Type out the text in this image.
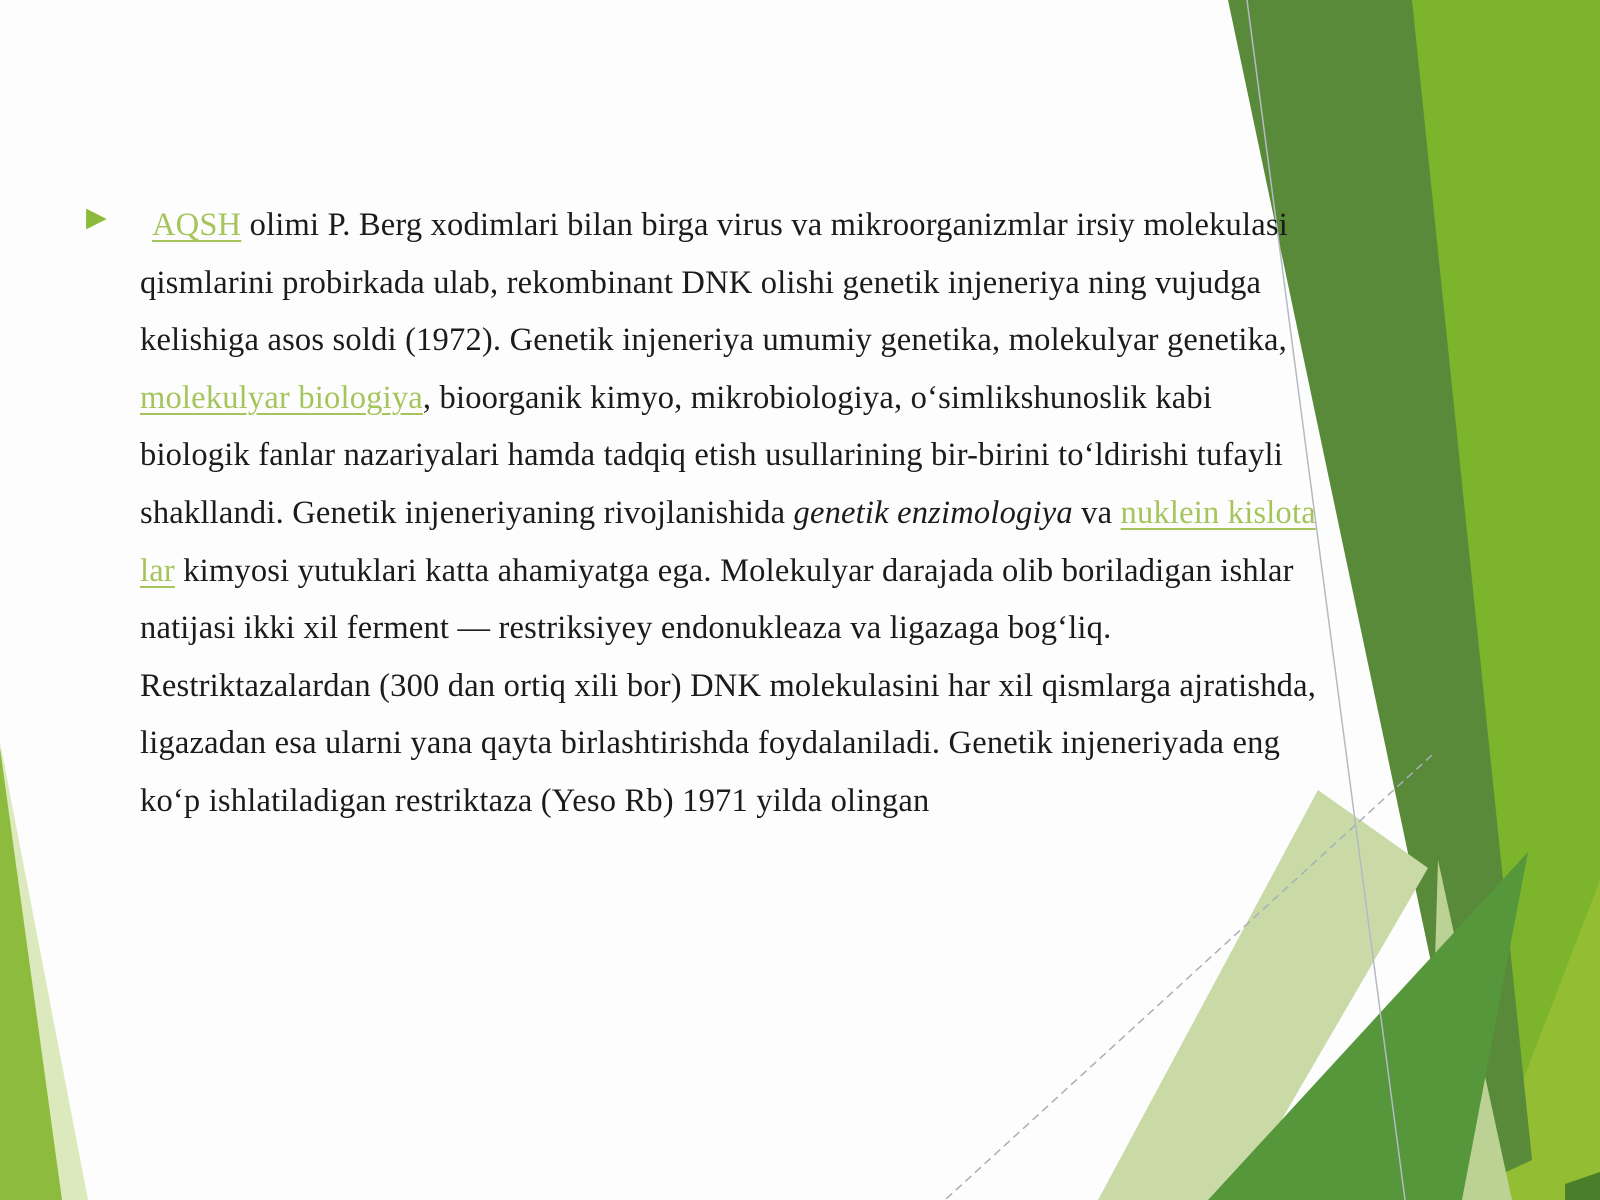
▶	AQSH olimi P. Berg xodimlari bilan birga virus va mikroorganizmlar irsiy molekulasi
qismlarini probirkada ulab, rekombinant DNK olishi genetik injeneriya ning vujudga
kelishiga asos soldi (1972). Genetik injeneriya umumiy genetika, molekulyar genetika,
molekulyar biologiya, bioorganik kimyo, mikrobiologiya, o‘simlikshunoslik kabi
biologik fanlar nazariyalari hamda tadqiq etish usullarining bir-birini to‘ldirishi tufayli
shakllandi. Genetik injeneriyaning rivojlanishida genetik enzimologiya va nuklein kislota
lar kimyosi yutuklari katta ahamiyatga ega. Molekulyar darajada olib boriladigan ishlar
natijasi ikki xil ferment — restriksiyey endonukleaza va ligazaga bog‘liq.
Restriktazalardan (300 dan ortiq xili bor) DNK molekulasini har xil qismlarga ajratishda,
ligazadan esa ularni yana qayta birlashtirishda foydalaniladi. Genetik injeneriyada eng
ko‘p ishlatiladigan restriktaza (Yeso Rb) 1971 yilda olingan
